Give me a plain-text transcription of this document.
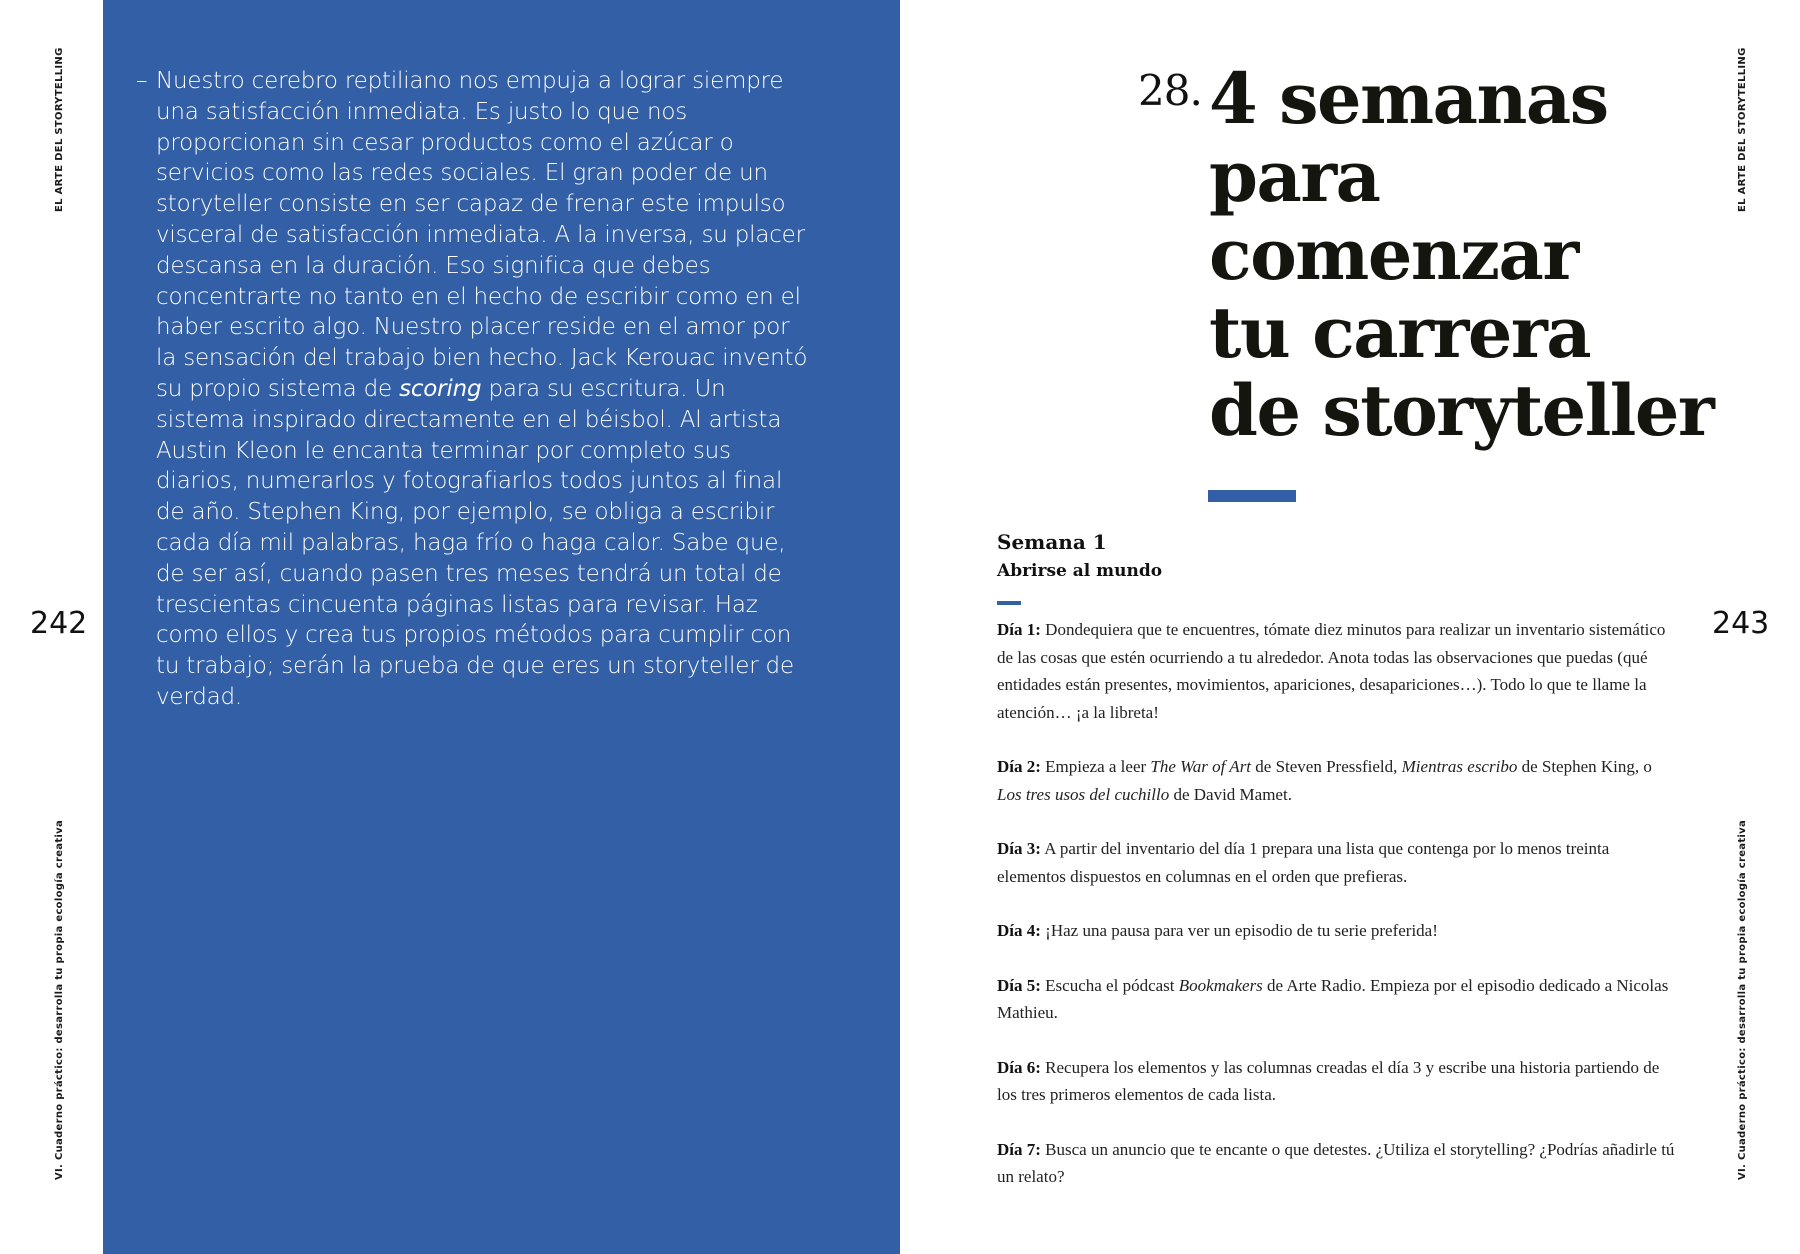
EL ARTE DEL STORYTELLING
242
VI. Cuaderno práctico: desarrolla tu propia ecología creativa
– Nuestro cerebro reptiliano nos empuja a lograr siempre una satisfacción inmediata. Es justo lo que nos proporcionan sin cesar productos como el azúcar o servicios como las redes sociales. El gran poder de un storyteller consiste en ser capaz de frenar este impulso visceral de satisfacción inmediata. A la inversa, su placer descansa en la duración. Eso significa que debes concentrarte no tanto en el hecho de escribir como en el haber escrito algo. Nuestro placer reside en el amor por la sensación del trabajo bien hecho. Jack Kerouac inventó su propio sistema de scoring para su escritura. Un sistema inspirado directamente en el béisbol. Al artista Austin Kleon le encanta terminar por completo sus diarios, numerarlos y fotografiarlos todos juntos al final de año. Stephen King, por ejemplo, se obliga a escribir cada día mil palabras, haga frío o haga calor. Sabe que, de ser así, cuando pasen tres meses tendrá un total de trescientas cincuenta páginas listas para revisar. Haz como ellos y crea tus propios métodos para cumplir con tu trabajo; serán la prueba de que eres un storyteller de verdad.
EL ARTE DEL STORYTELLING
243
VI. Cuaderno práctico: desarrolla tu propia ecología creativa
28. 4 semanas
para
comenzar
tu carrera
de storyteller
Semana 1
Abrirse al mundo

Día 1: Dondequiera que te encuentres, tómate diez minutos para realizar un inventario sistemático de las cosas que estén ocurriendo a tu alrededor. Anota todas las observaciones que puedas (qué entidades están presentes, movimientos, apariciones, desapariciones…). Todo lo que te llame la atención… ¡a la libreta!

Día 2: Empieza a leer The War of Art de Steven Pressfield, Mientras escribo de Stephen King, o Los tres usos del cuchillo de David Mamet.

Día 3: A partir del inventario del día 1 prepara una lista que contenga por lo menos treinta elementos dispuestos en columnas en el orden que prefieras.

Día 4: ¡Haz una pausa para ver un episodio de tu serie preferida!

Día 5: Escucha el pódcast Bookmakers de Arte Radio. Empieza por el episodio dedicado a Nicolas Mathieu.

Día 6: Recupera los elementos y las columnas creadas el día 3 y escribe una historia partiendo de los tres primeros elementos de cada lista.

Día 7: Busca un anuncio que te encante o que detestes. ¿Utiliza el storytelling? ¿Podrías añadirle tú un relato?
